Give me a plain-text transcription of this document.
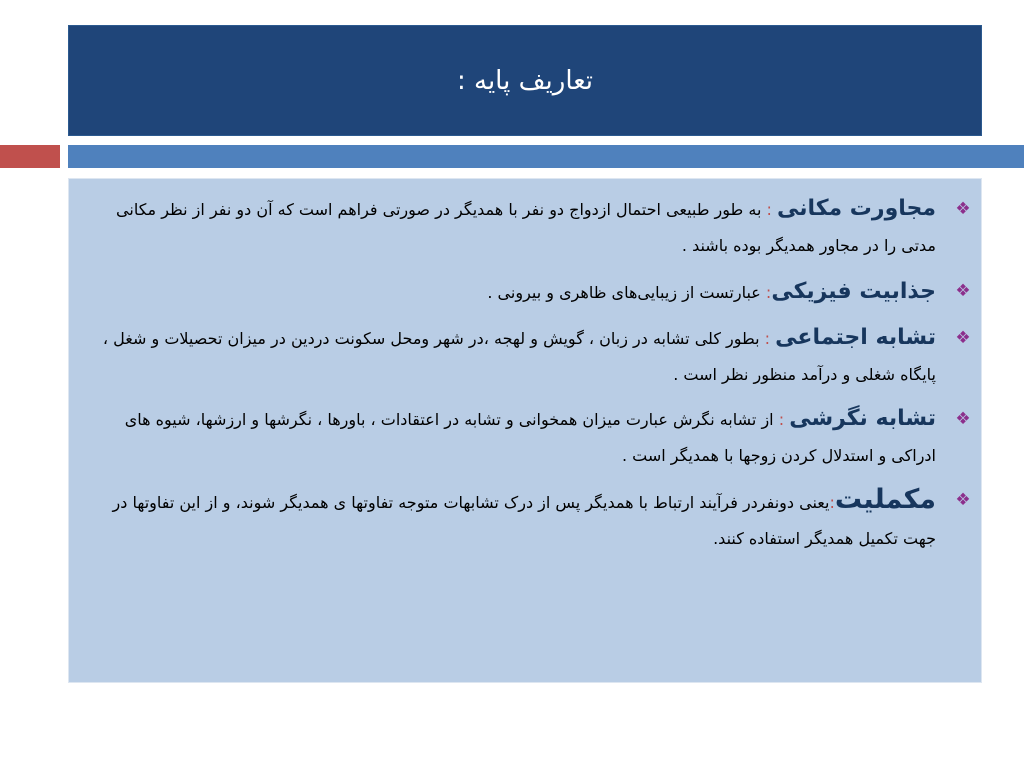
تعاریف پایه :
❖
مجاورت مکانی : به طور طبیعی احتمال ازدواج دو نفر با همدیگر در صورتی فراهم است که آن دو نفر از نظر مکانی مدتی را در مجاور همدیگر بوده باشند .
❖
جذابیت فیزیکی: عبارتست از زیبایی‌های ظاهری و بیرونی .
❖
تشابه اجتماعی : بطور کلی تشابه در زبان ، گویش و لهجه ،در شهر ومحل سکونت دردین در میزان تحصیلات و شغل ، پایگاه شغلی و درآمد منظور نظر است .
❖
تشابه نگرشی : از تشابه نگرش عبارت میزان همخوانی و تشابه در اعتقادات ، باورها ، نگرشها و ارزشها، شیوه های ادراکی و استدلال کردن زوجها با همدیگر است .
❖
مکملیت:یعنی دونفردر فرآیند ارتباط با همدیگر پس از درک تشابهات متوجه تفاوتها ی همدیگر شوند، و از این تفاوتها در جهت تکمیل همدیگر استفاده کنند.
